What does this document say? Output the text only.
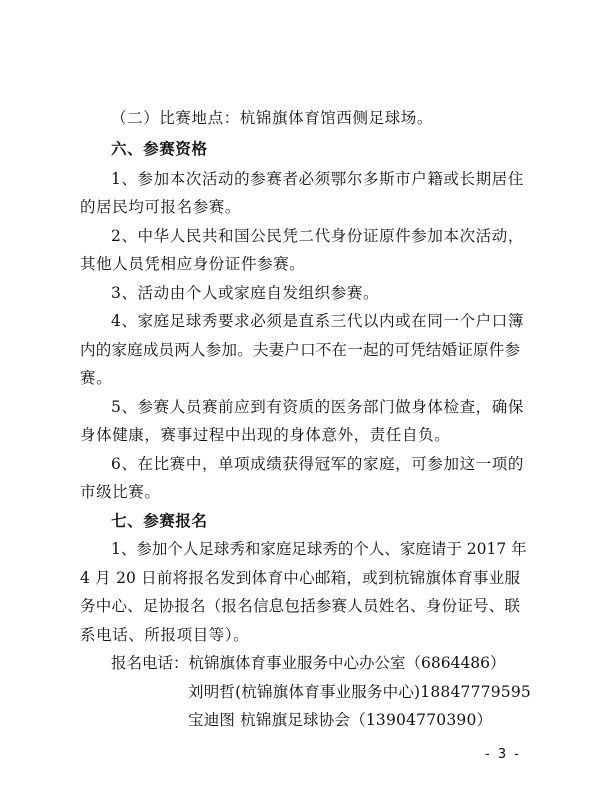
（二）比赛地点：杭锦旗体育馆西侧足球场。
六、参赛资格
1、参加本次活动的参赛者必须鄂尔多斯市户籍或长期居住
的居民均可报名参赛。
2、中华人民共和国公民凭二代身份证原件参加本次活动，
其他人员凭相应身份证件参赛。
3、活动由个人或家庭自发组织参赛。
4、家庭足球秀要求必须是直系三代以内或在同一个户口簿
内的家庭成员两人参加。夫妻户口不在一起的可凭结婚证原件参
赛。
5、参赛人员赛前应到有资质的医务部门做身体检查，确保
身体健康，赛事过程中出现的身体意外，责任自负。
6、在比赛中，单项成绩获得冠军的家庭，可参加这一项的
市级比赛。
七、参赛报名
1、参加个人足球秀和家庭足球秀的个人、家庭请于 2017 年
4 月 20 日前将报名发到体育中心邮箱，或到杭锦旗体育事业服
务中心、足协报名（报名信息包括参赛人员姓名、身份证号、联
系电话、所报项目等）。
报名电话：杭锦旗体育事业服务中心办公室（6864486）
刘明哲(杭锦旗体育事业服务中心)18847779595
宝迪图 杭锦旗足球协会（13904770390）
- 3 -
